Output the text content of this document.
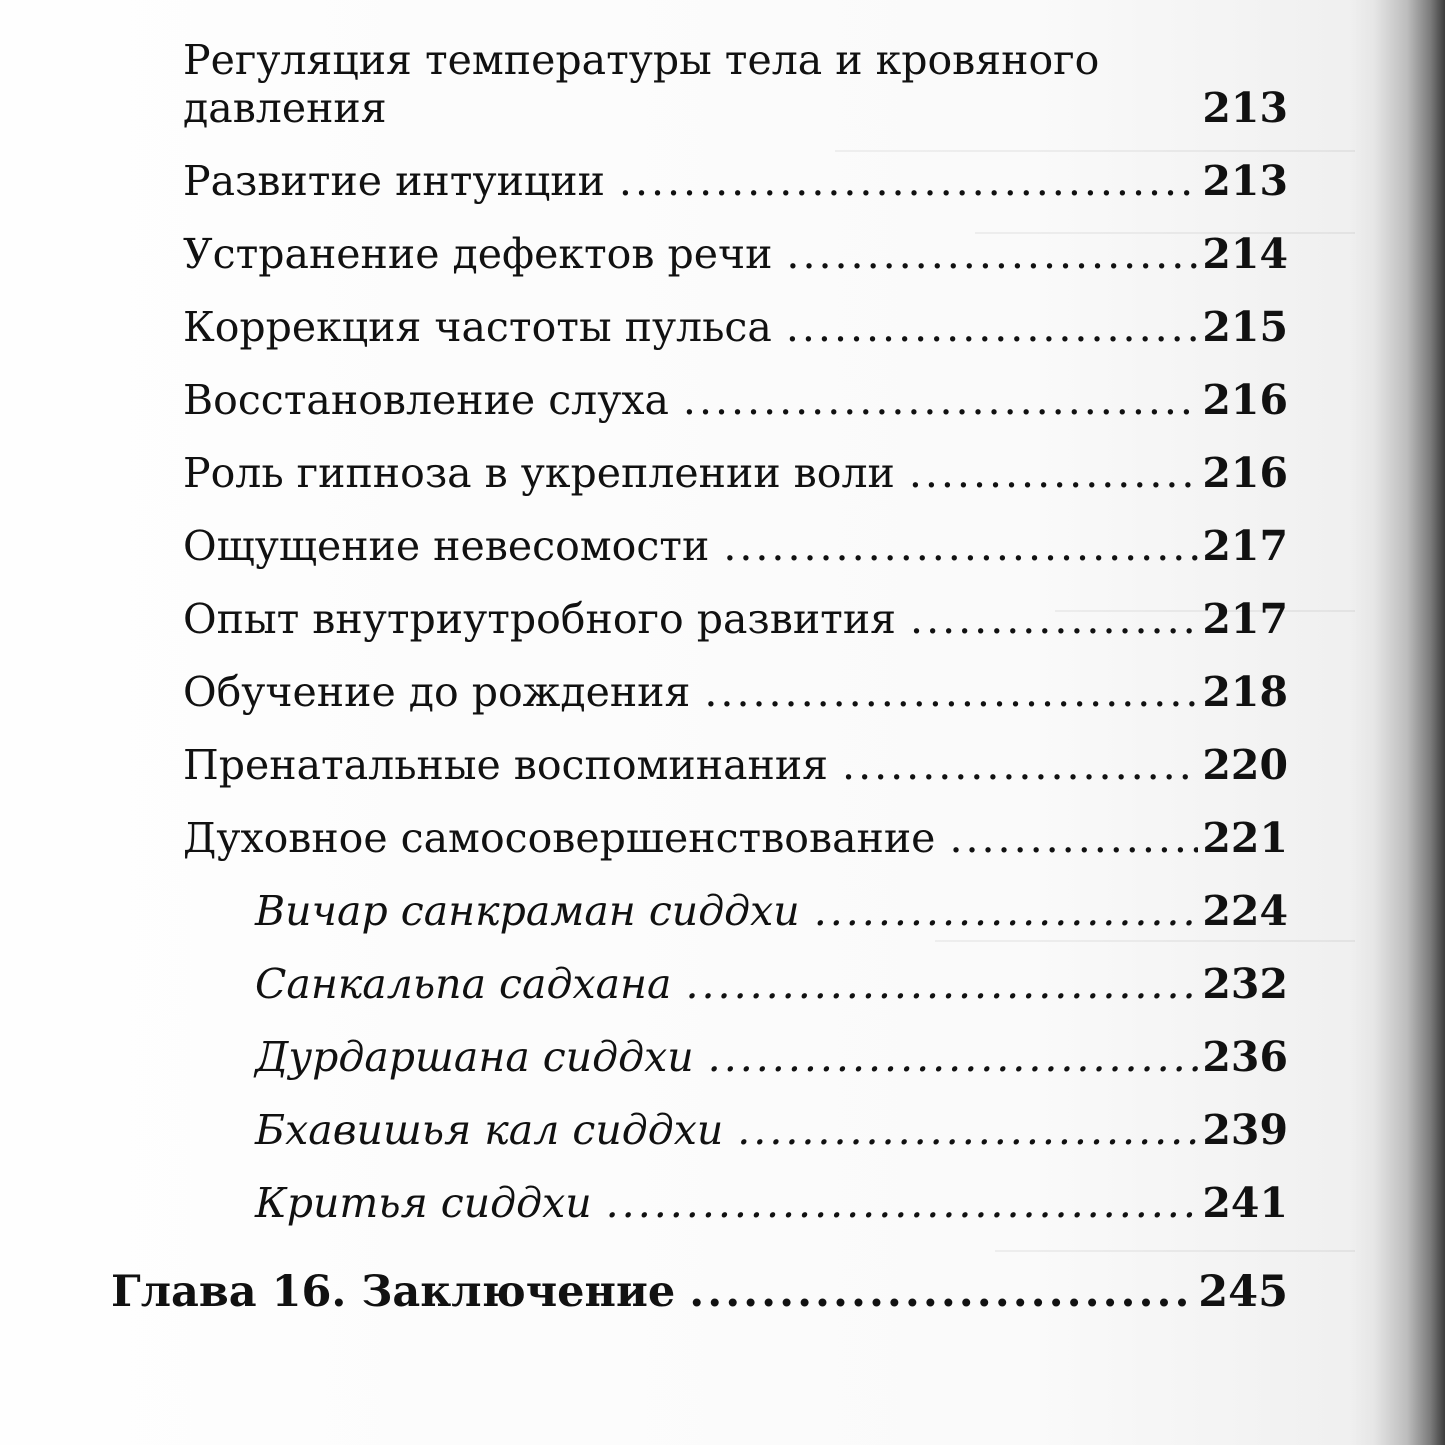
Регуляция температуры тела и кровяного
давления	213
Развитие интуиции .....	213
Устранение дефектов речи .....	214
Коррекция частоты пульса .....	215
Восстановление слуха .....	216
Роль гипноза в укреплении воли .....	216
Ощущение невесомости .....	217
Опыт внутриутробного развития .....	217
Обучение до рождения .....	218
Пренатальные воспоминания .....	220
Духовное самосовершенствование .....	221
Вичар санкраман сиддхи .....	224
Санкальпа садхана .....	232
Дурдаршана сиддхи .....	236
Бхавишья кал сиддхи .....	239
Критья сиддхи .....	241
Глава 16. Заключение .....	245
